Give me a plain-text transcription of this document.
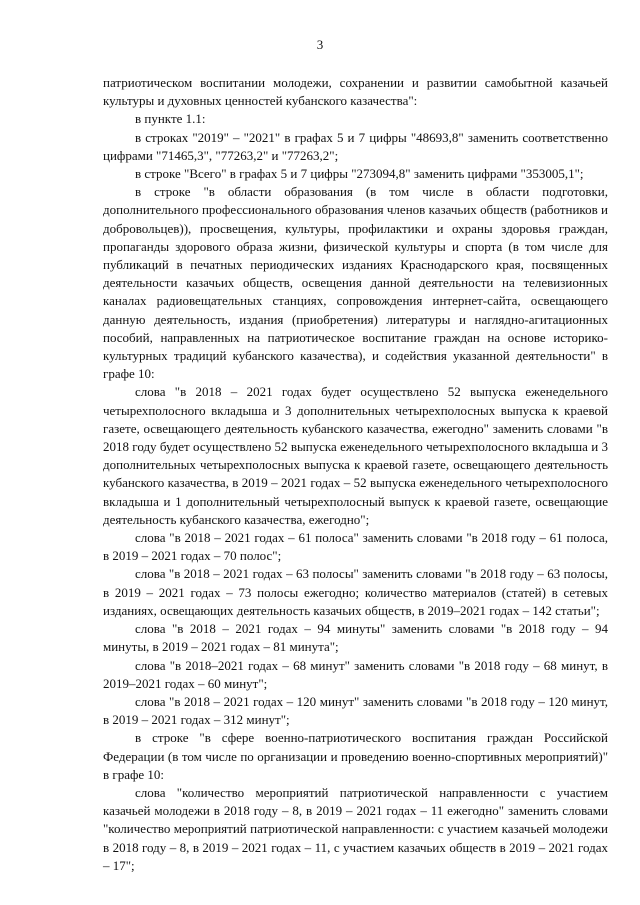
3

патриотическом воспитании молодежи, сохранении и развитии самобытной казачьей культуры и духовных ценностей кубанского казачества":

в пункте 1.1:

в строках "2019" – "2021" в графах 5 и 7 цифры "48693,8" заменить соответственно цифрами "71465,3", "77263,2" и "77263,2";

в строке "Всего" в графах 5 и 7 цифры "273094,8" заменить цифрами "353005,1";

в строке "в области образования (в том числе в области подготовки, дополнительного профессионального образования членов казачьих обществ (работников и добровольцев)), просвещения, культуры, профилактики и охраны здоровья граждан, пропаганды здорового образа жизни, физической культуры и спорта (в том числе для публикаций в печатных периодических изданиях Краснодарского края, посвященных деятельности казачьих обществ, освещения данной деятельности на телевизионных каналах радиовещательных станциях, сопровождения интернет-сайта, освещающего данную деятельность, издания (приобретения) литературы и наглядно-агитационных пособий, направленных на патриотическое воспитание граждан на основе историко-культурных традиций кубанского казачества), и содействия указанной деятельности" в графе 10:

слова "в 2018 – 2021 годах будет осуществлено 52 выпуска еженедельного четырехполосного вкладыша и 3 дополнительных четырехполосных выпуска к краевой газете, освещающего деятельность кубанского казачества, ежегодно" заменить словами "в 2018 году будет осуществлено 52 выпуска еженедельного четырехполосного вкладыша и 3 дополнительных четырехполосных выпуска к краевой газете, освещающего деятельность кубанского казачества, в 2019 – 2021 годах – 52 выпуска еженедельного четырехполосного вкладыша и 1 дополнительный четырехполосный выпуск к краевой газете, освещающие деятельность кубанского казачества, ежегодно";

слова "в 2018 – 2021 годах – 61 полоса" заменить словами "в 2018 году – 61 полоса, в 2019 – 2021 годах – 70 полос";

слова "в 2018 – 2021 годах – 63 полосы" заменить словами "в 2018 году – 63 полосы, в 2019 – 2021 годах – 73 полосы ежегодно; количество материалов (статей) в сетевых изданиях, освещающих деятельность казачьих обществ, в 2019–2021 годах – 142 статьи";

слова "в 2018 – 2021 годах – 94 минуты" заменить словами "в 2018 году – 94 минуты, в 2019 – 2021 годах – 81 минута";

слова "в 2018–2021 годах – 68 минут" заменить словами "в 2018 году – 68 минут, в 2019–2021 годах – 60 минут";

слова "в 2018 – 2021 годах – 120 минут" заменить словами "в 2018 году – 120 минут, в 2019 – 2021 годах – 312 минут";

в строке "в сфере военно-патриотического воспитания граждан Российской Федерации (в том числе по организации и проведению военно-спортивных мероприятий)" в графе 10:

слова "количество мероприятий патриотической направленности с участием казачьей молодежи в 2018 году – 8, в 2019 – 2021 годах – 11 ежегодно" заменить словами "количество мероприятий патриотической направленности: с участием казачьей молодежи в 2018 году – 8, в 2019 – 2021 годах – 11, с участием казачьих обществ в 2019 – 2021 годах – 17";
